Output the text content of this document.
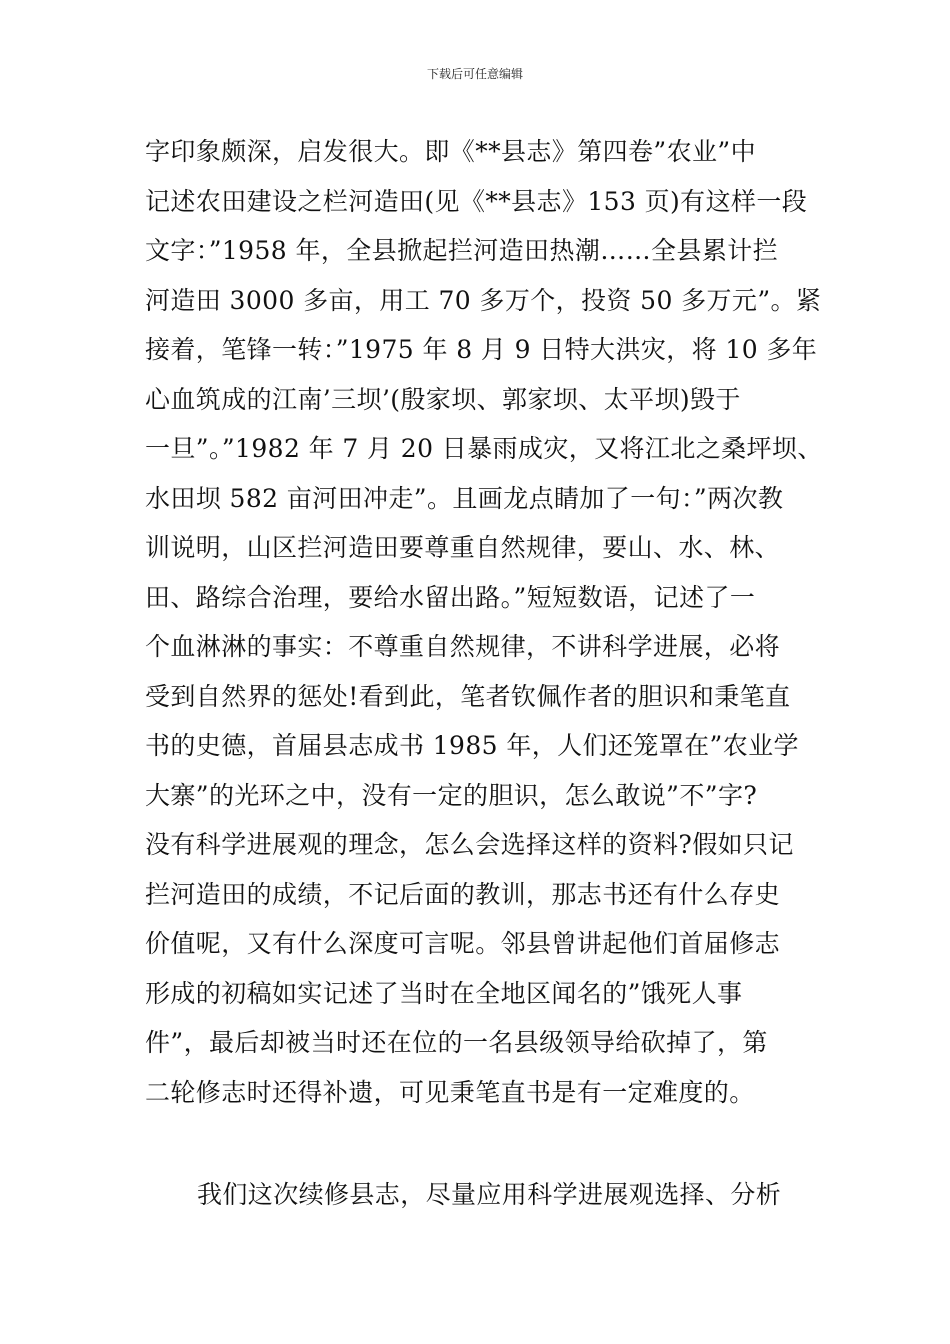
下载后可任意编辑
字印象颇深，启发很大。即《**县志》第四卷”农业”中
记述农田建设之栏河造田(见《**县志》153 页)有这样一段
文字：”1958 年，全县掀起拦河造田热潮……全县累计拦
河造田 3000 多亩，用工 70 多万个，投资 50 多万元”。紧
接着，笔锋一转：”1975 年 8 月 9 日特大洪灾，将 10 多年
心血筑成的江南’三坝’(殷家坝、郭家坝、太平坝)毁于
一旦”。”1982 年 7 月 20 日暴雨成灾，又将江北之桑坪坝、
水田坝 582 亩河田冲走”。且画龙点睛加了一句：”两次教
训说明，山区拦河造田要尊重自然规律，要山、水、林、
田、路综合治理，要给水留出路。”短短数语，记述了一
个血淋淋的事实：不尊重自然规律，不讲科学进展，必将
受到自然界的惩处!看到此，笔者钦佩作者的胆识和秉笔直
书的史德，首届县志成书 1985 年，人们还笼罩在”农业学
大寨”的光环之中，没有一定的胆识，怎么敢说”不”字?
没有科学进展观的理念，怎么会选择这样的资料?假如只记
拦河造田的成绩，不记后面的教训，那志书还有什么存史
价值呢，又有什么深度可言呢。邻县曾讲起他们首届修志
形成的初稿如实记述了当时在全地区闻名的”饿死人事
件”，最后却被当时还在位的一名县级领导给砍掉了，第
二轮修志时还得补遗，可见秉笔直书是有一定难度的。
我们这次续修县志，尽量应用科学进展观选择、分析
